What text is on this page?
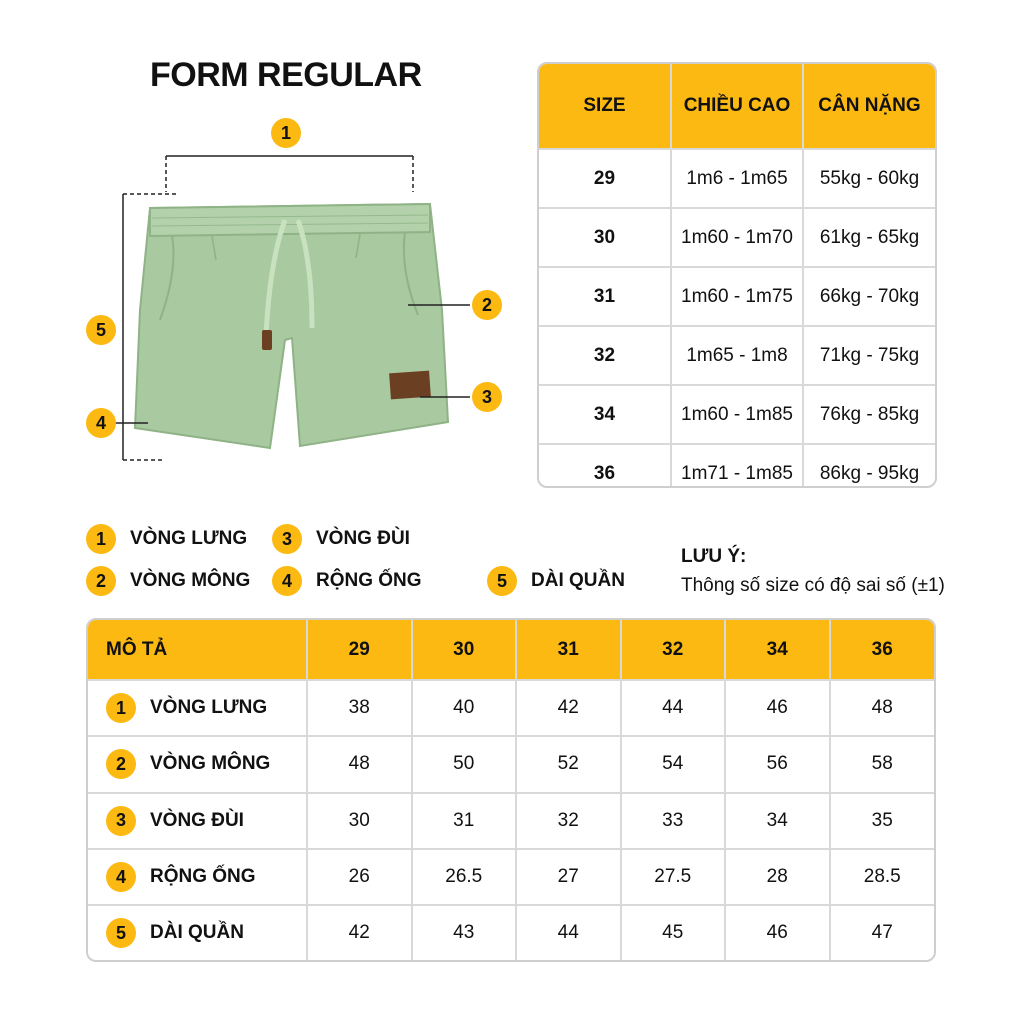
FORM REGULAR
1
2
3
4
5
SIZE	CHIỀU CAO	CÂN NẶNG
29	1m6 - 1m65	55kg - 60kg
30	1m60 - 1m70	61kg - 65kg
31	1m60 - 1m75	66kg - 70kg
32	1m65 - 1m8	71kg - 75kg
34	1m60 - 1m85	76kg - 85kg
36	1m71 - 1m85	86kg - 95kg
1	VÒNG LƯNG
2	VÒNG MÔNG
3	VÒNG ĐÙI
4	RỘNG ỐNG	5	DÀI QUẦN
LƯU Ý:
Thông số size có độ sai số (±1)
MÔ TẢ	29	30	31	32	34	36

1 VÒNG LƯNG	38	40	42	44	46	48

2 VÒNG MÔNG	48	50	52	54	56	58

3 VÒNG ĐÙI	30	31	32	33	34	35

4 RỘNG ỐNG	26	26.5	27	27.5	28	28.5

5 DÀI QUẦN	42	43	44	45	46	47
